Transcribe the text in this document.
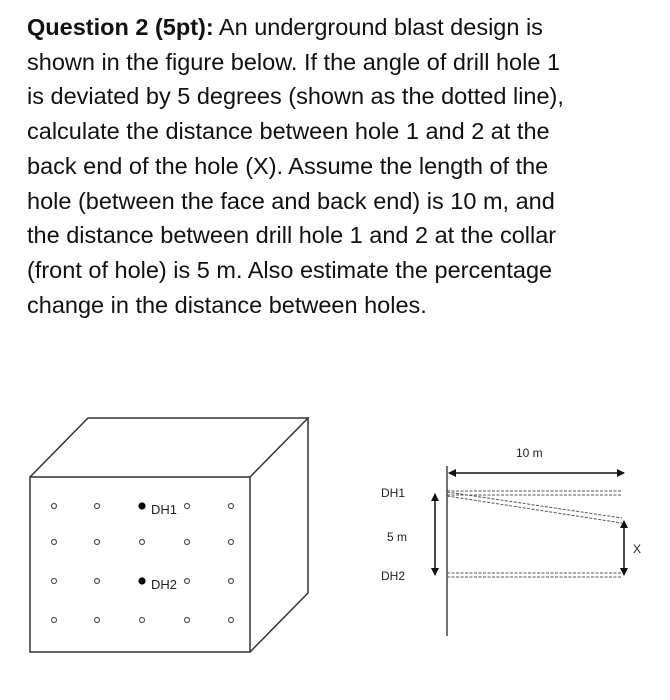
Question 2 (5pt): An underground blast design is
shown in the figure below. If the angle of drill hole 1
is deviated by 5 degrees (shown as the dotted line),
calculate the distance between hole 1 and 2 at the
back end of the hole (X). Assume the length of the
hole (between the face and back end) is 10 m, and
the distance between drill hole 1 and 2 at the collar
(front of hole) is 5 m. Also estimate the percentage
change in the distance between holes.
DH1
DH2
10 m
DH1
5 m
DH2
X
